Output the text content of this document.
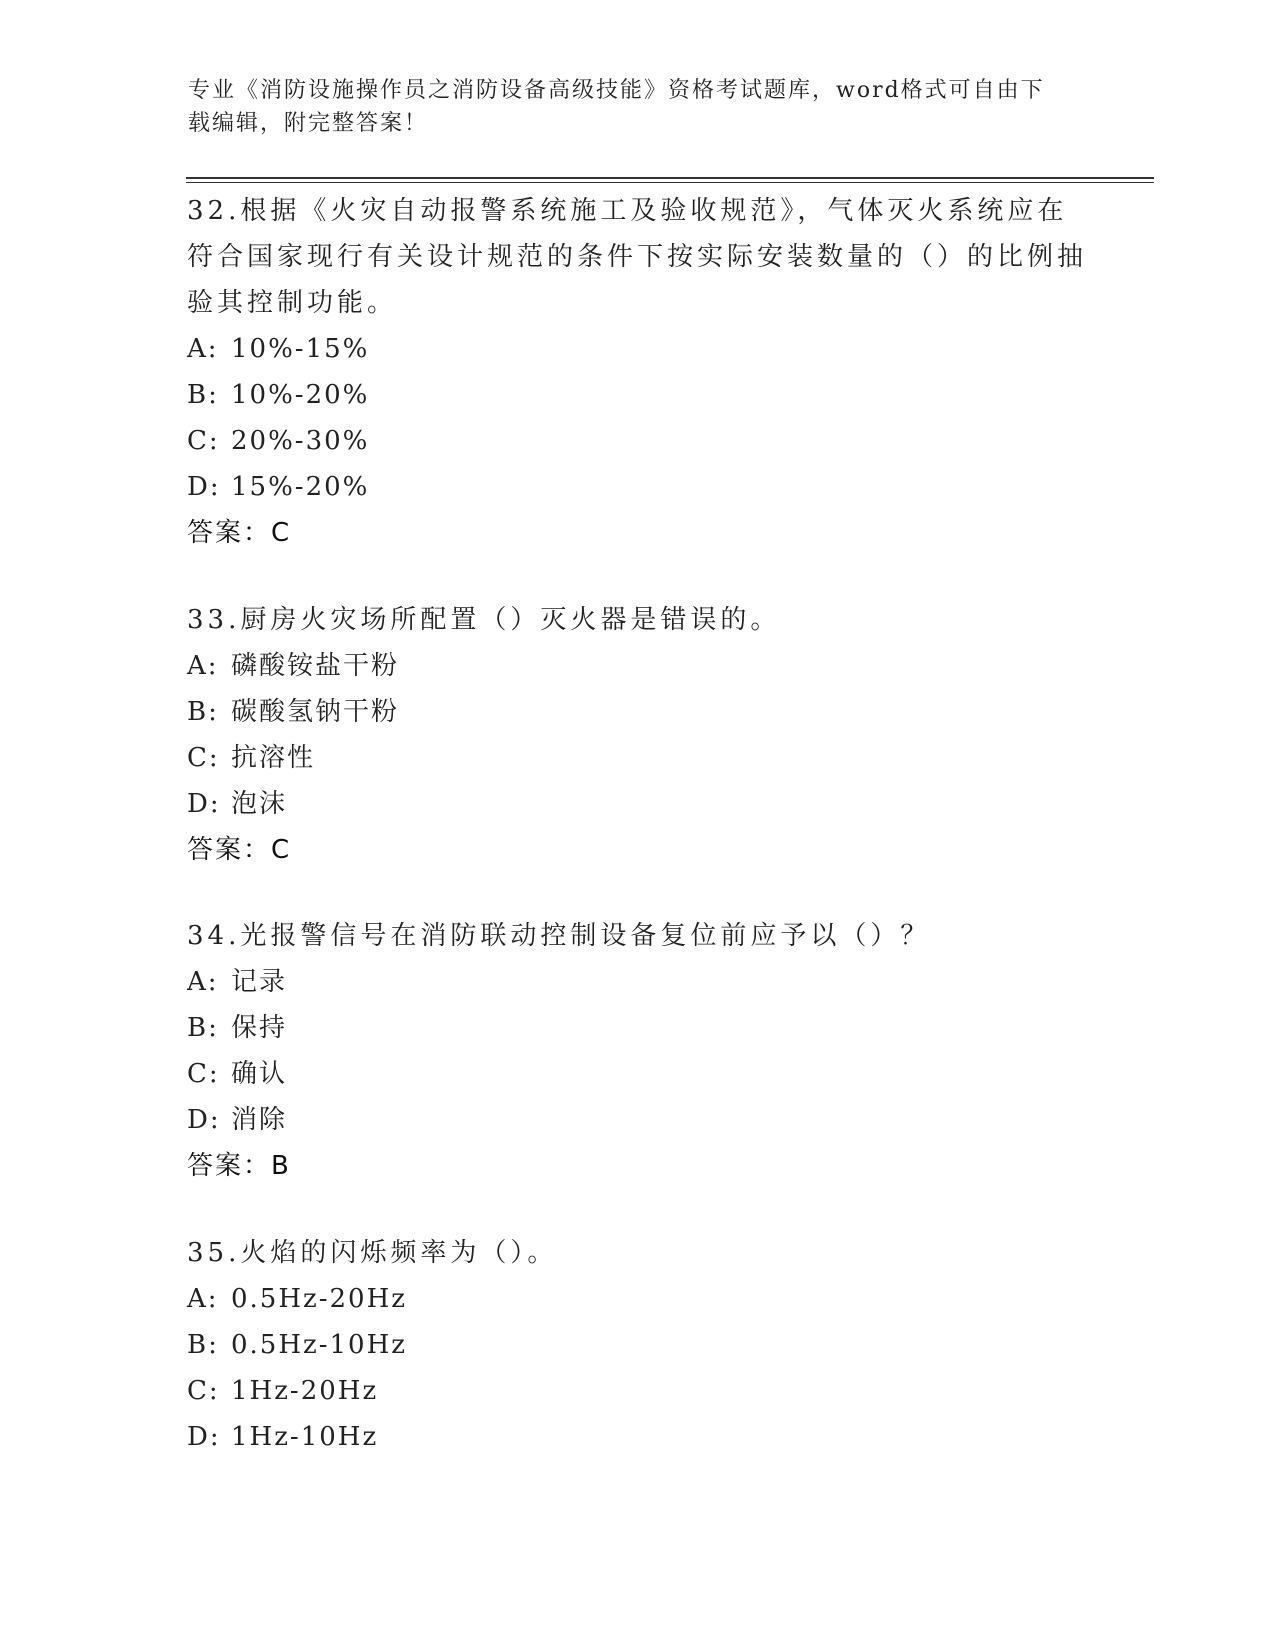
专业《消防设施操作员之消防设备高级技能》资格考试题库，word格式可自由下
载编辑，附完整答案！

32.根据《火灾自动报警系统施工及验收规范》，气体灭火系统应在符合国家现行有关设计规范的条件下按实际安装数量的（）的比例抽验其控制功能。

A: 10%-15%

B: 10%-20%

C: 20%-30%

D: 15%-20%

答案：C

33.厨房火灾场所配置（）灭火器是错误的。

A: 磷酸铵盐干粉

B: 碳酸氢钠干粉

C: 抗溶性

D: 泡沫

答案：C

34.光报警信号在消防联动控制设备复位前应予以（）？

A: 记录

B: 保持

C: 确认

D: 消除

答案：B

35.火焰的闪烁频率为（）。

A: 0.5Hz-20Hz

B: 0.5Hz-10Hz

C: 1Hz-20Hz

D: 1Hz-10Hz
